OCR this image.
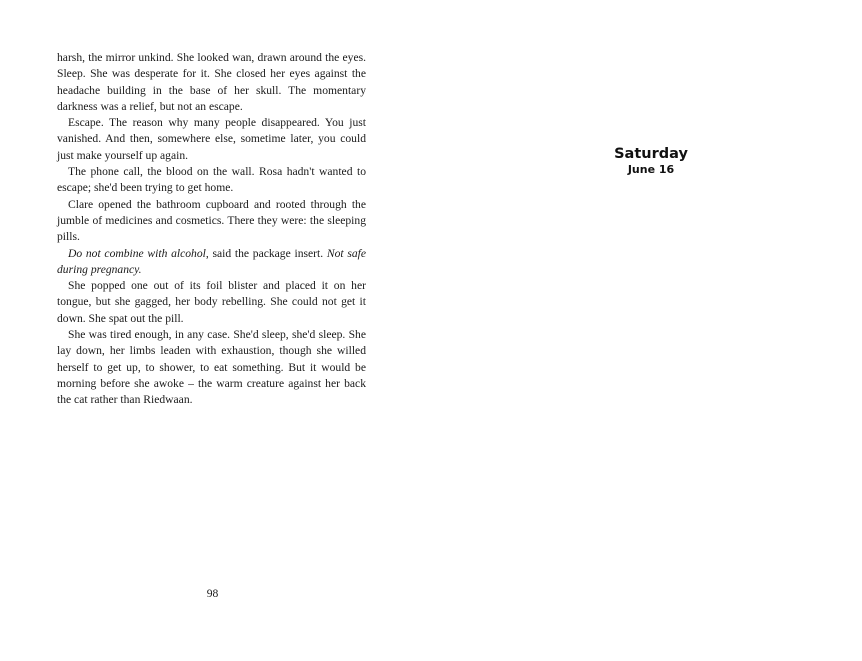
harsh, the mirror unkind. She looked wan, drawn around the eyes. Sleep. She was desperate for it. She closed her eyes against the headache building in the base of her skull. The momentary darkness was a relief, but not an escape.

Escape. The reason why many people disappeared. You just vanished. And then, somewhere else, sometime later, you could just make yourself up again.

The phone call, the blood on the wall. Rosa hadn't wanted to escape; she'd been trying to get home.

Clare opened the bathroom cupboard and rooted through the jumble of medicines and cosmetics. There they were: the sleeping pills.

Do not combine with alcohol, said the package insert. Not safe during pregnancy.

She popped one out of its foil blister and placed it on her tongue, but she gagged, her body rebelling. She could not get it down. She spat out the pill.

She was tired enough, in any case. She'd sleep, she'd sleep. She lay down, her limbs leaden with exhaustion, though she willed herself to get up, to shower, to eat something. But it would be morning before she awoke – the warm creature against her back the cat rather than Riedwaan.

98
Saturday
June 16
